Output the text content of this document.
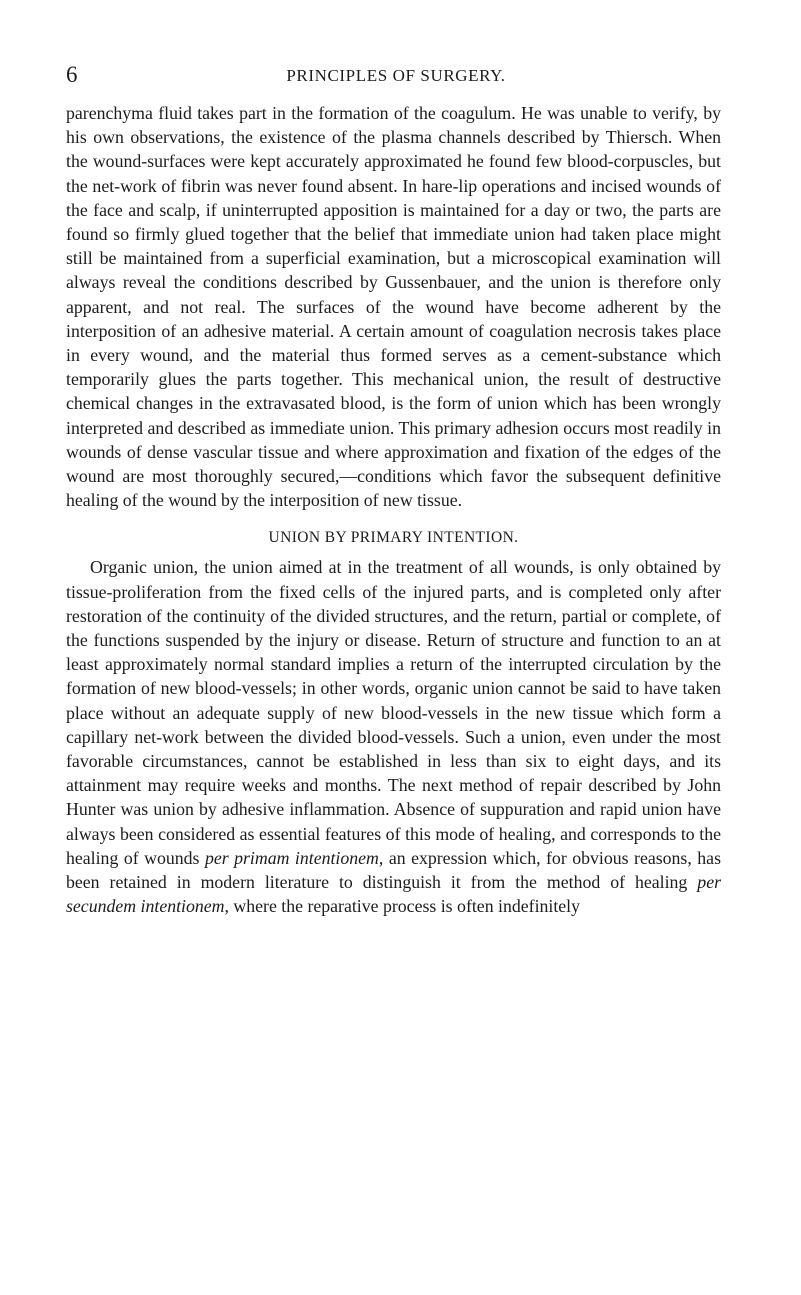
6	PRINCIPLES OF SURGERY.

parenchyma fluid takes part in the formation of the coagulum. He was unable to verify, by his own observations, the existence of the plasma channels described by Thiersch. When the wound-surfaces were kept accurately approximated he found few blood-corpuscles, but the net-work of fibrin was never found absent. In hare-lip operations and incised wounds of the face and scalp, if uninterrupted apposition is maintained for a day or two, the parts are found so firmly glued together that the belief that immediate union had taken place might still be maintained from a superficial examination, but a microscopical examination will always reveal the conditions described by Gussenbauer, and the union is therefore only apparent, and not real. The surfaces of the wound have become adherent by the interposition of an adhesive material. A certain amount of coagulation necrosis takes place in every wound, and the material thus formed serves as a cement-substance which temporarily glues the parts together. This mechanical union, the result of destructive chemical changes in the extravasated blood, is the form of union which has been wrongly interpreted and described as immediate union. This primary adhesion occurs most readily in wounds of dense vascular tissue and where approximation and fixation of the edges of the wound are most thoroughly secured,—conditions which favor the subsequent definitive healing of the wound by the interposition of new tissue.

UNION BY PRIMARY INTENTION.

Organic union, the union aimed at in the treatment of all wounds, is only obtained by tissue-proliferation from the fixed cells of the injured parts, and is completed only after restoration of the continuity of the divided structures, and the return, partial or complete, of the functions suspended by the injury or disease. Return of structure and function to an at least approximately normal standard implies a return of the interrupted circulation by the formation of new blood-vessels; in other words, organic union cannot be said to have taken place without an adequate supply of new blood-vessels in the new tissue which form a capillary net-work between the divided blood-vessels. Such a union, even under the most favorable circumstances, cannot be established in less than six to eight days, and its attainment may require weeks and months. The next method of repair described by John Hunter was union by adhesive inflammation. Absence of suppuration and rapid union have always been considered as essential features of this mode of healing, and corresponds to the healing of wounds per primam intentionem, an expression which, for obvious reasons, has been retained in modern literature to distinguish it from the method of healing per secundem intentionem, where the reparative process is often indefinitely
